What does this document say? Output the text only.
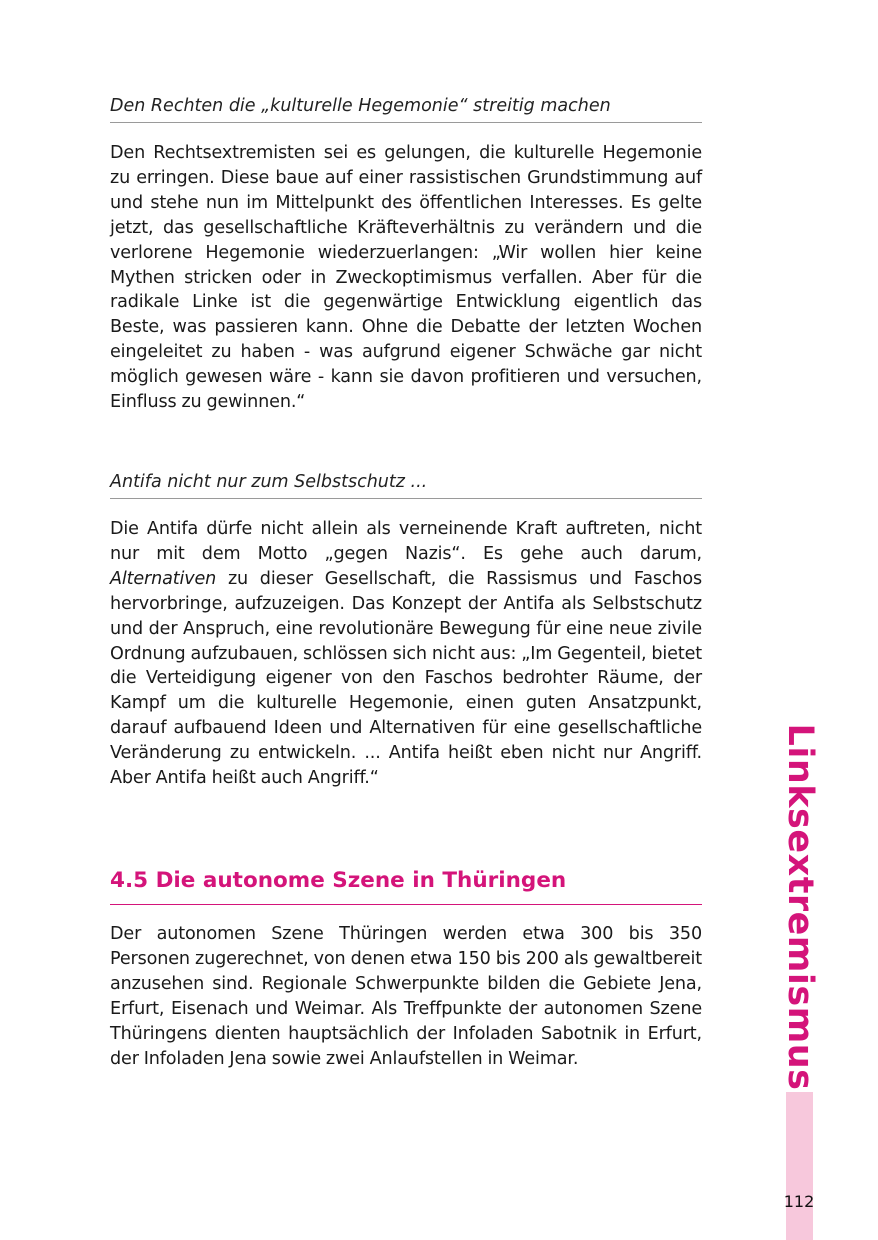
Den Rechten die „kulturelle Hegemonie“ streitig machen

Den Rechtsextremisten sei es gelungen, die kulturelle Hegemonie zu erringen. Diese baue auf einer rassistischen Grundstimmung auf und stehe nun im Mittelpunkt des öffentlichen Interesses. Es gelte jetzt, das gesellschaftliche Kräfteverhältnis zu verändern und die verlorene Hegemonie wiederzuerlangen: „Wir wollen hier keine Mythen stricken oder in Zweckoptimismus verfallen. Aber für die radikale Linke ist die gegenwärtige Entwicklung eigentlich das Beste, was passieren kann. Ohne die Debatte der letzten Wochen eingeleitet zu haben - was aufgrund eigener Schwäche gar nicht möglich gewesen wäre - kann sie davon profitieren und versuchen, Einfluss zu gewinnen.“

Antifa nicht nur zum Selbstschutz ...

Die Antifa dürfe nicht allein als verneinende Kraft auftreten, nicht nur mit dem Motto „gegen Nazis“. Es gehe auch darum, Alternativen zu dieser Gesellschaft, die Rassismus und Faschos hervorbringe, aufzuzeigen. Das Konzept der Antifa als Selbstschutz und der Anspruch, eine revolutionäre Bewegung für eine neue zivile Ordnung aufzubauen, schlössen sich nicht aus: „Im Gegenteil, bietet die Verteidigung eigener von den Faschos bedrohter Räume, der Kampf um die kulturelle Hegemonie, einen guten Ansatzpunkt, darauf aufbauend Ideen und Alternativen für eine gesellschaftliche Veränderung zu entwickeln. ... Antifa heißt eben nicht nur Angriff. Aber Antifa heißt auch Angriff.“

4.5 Die autonome Szene in Thüringen

Der autonomen Szene Thüringen werden etwa 300 bis 350 Personen zugerechnet, von denen etwa 150 bis 200 als gewaltbereit anzusehen sind. Regionale Schwerpunkte bilden die Gebiete Jena, Erfurt, Eisenach und Weimar. Als Treffpunkte der autonomen Szene Thüringens dienten hauptsächlich der Infoladen Sabotnik in Erfurt, der Infoladen Jena sowie zwei Anlaufstellen in Weimar.	Linksextremismus
112
